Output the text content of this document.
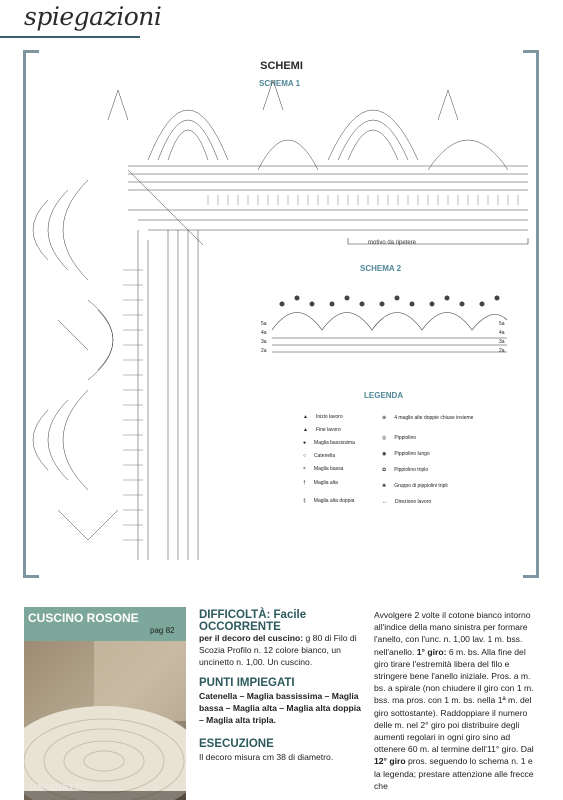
spiegazioni
SCHEMI
SCHEMA 1
SCHEMA 2
motivo da ripetere
LEGENDA
5a
4a
3a
2a
5a
4a
3a
2a
▲ Inizio lavoro
▲ Fine lavoro
● Maglia bassissima
○ Catenella
× Maglia bassa
† Maglia alta
‡ Maglia alta doppia
⊕ 4 maglie alte doppie chiuse insieme
◎ Pippiolino
◉ Pippiolino lungo
✿ Pippiolino triplo
❀ Gruppo di pippiolini tripli
↔ Direzione lavoro
CUSCINO ROSONE
pag 82
UNCINETTO
DIFFICOLTÀ: Facile
OCCORRENTE
per il decoro del cuscino: g 80 di Filo di Scozia Profilo n. 12 colore bianco, un uncinetto n. 1,00. Un cuscino.
PUNTI IMPIEGATI
Catenella – Maglia bassissima – Maglia bassa – Maglia alta – Maglia alta doppia – Maglia alta tripla.
ESECUZIONE
Il decoro misura cm 38 di diametro.
Avvolgere 2 volte il cotone bianco intorno all'indice della mano sinistra per formare l'anello, con l'unc. n. 1,00 lav. 1 m. bss. nell'anello. 1° giro: 6 m. bs. Alla fine del giro tirare l'estremità libera del filo e stringere bene l'anello iniziale. Pros. a m. bs. a spirale (non chiudere il giro con 1 m. bss. ma pros. con 1 m. bs. nella 1ª m. del giro sottostante). Raddoppiare il numero delle m. nel 2° giro poi distribuire degli aumenti regolari in ogni giro sino ad ottenere 60 m. al termine dell'11° giro. Dal 12° giro pros. seguendo lo schema n. 1 e la legenda; prestare attenzione alle frecce che
